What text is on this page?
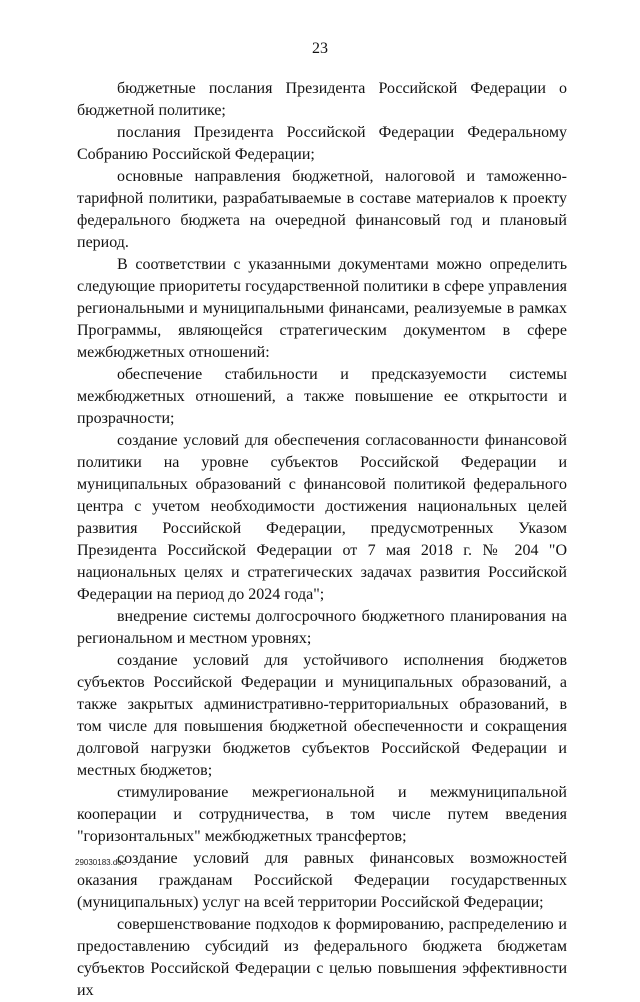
23

бюджетные послания Президента Российской Федерации о бюджетной политике;

послания Президента Российской Федерации Федеральному Собранию Российской Федерации;

основные направления бюджетной, налоговой и таможенно-тарифной политики, разрабатываемые в составе материалов к проекту федерального бюджета на очередной финансовый год и плановый период.

В соответствии с указанными документами можно определить следующие приоритеты государственной политики в сфере управления региональными и муниципальными финансами, реализуемые в рамках Программы, являющейся стратегическим документом в сфере межбюджетных отношений:

обеспечение стабильности и предсказуемости системы межбюджетных отношений, а также повышение ее открытости и прозрачности;

создание условий для обеспечения согласованности финансовой политики на уровне субъектов Российской Федерации и муниципальных образований с финансовой политикой федерального центра с учетом необходимости достижения национальных целей развития Российской Федерации, предусмотренных Указом Президента Российской Федерации от 7 мая 2018 г. № 204 "О национальных целях и стратегических задачах развития Российской Федерации на период до 2024 года";

внедрение системы долгосрочного бюджетного планирования на региональном и местном уровнях;

создание условий для устойчивого исполнения бюджетов субъектов Российской Федерации и муниципальных образований, а также закрытых административно-территориальных образований, в том числе для повышения бюджетной обеспеченности и сокращения долговой нагрузки бюджетов субъектов Российской Федерации и местных бюджетов;

стимулирование межрегиональной и межмуниципальной кооперации и сотрудничества, в том числе путем введения "горизонтальных" межбюджетных трансфертов;

создание условий для равных финансовых возможностей оказания гражданам Российской Федерации государственных (муниципальных) услуг на всей территории Российской Федерации;

совершенствование подходов к формированию, распределению и предоставлению субсидий из федерального бюджета бюджетам субъектов Российской Федерации с целью повышения эффективности их

29030183.doc
